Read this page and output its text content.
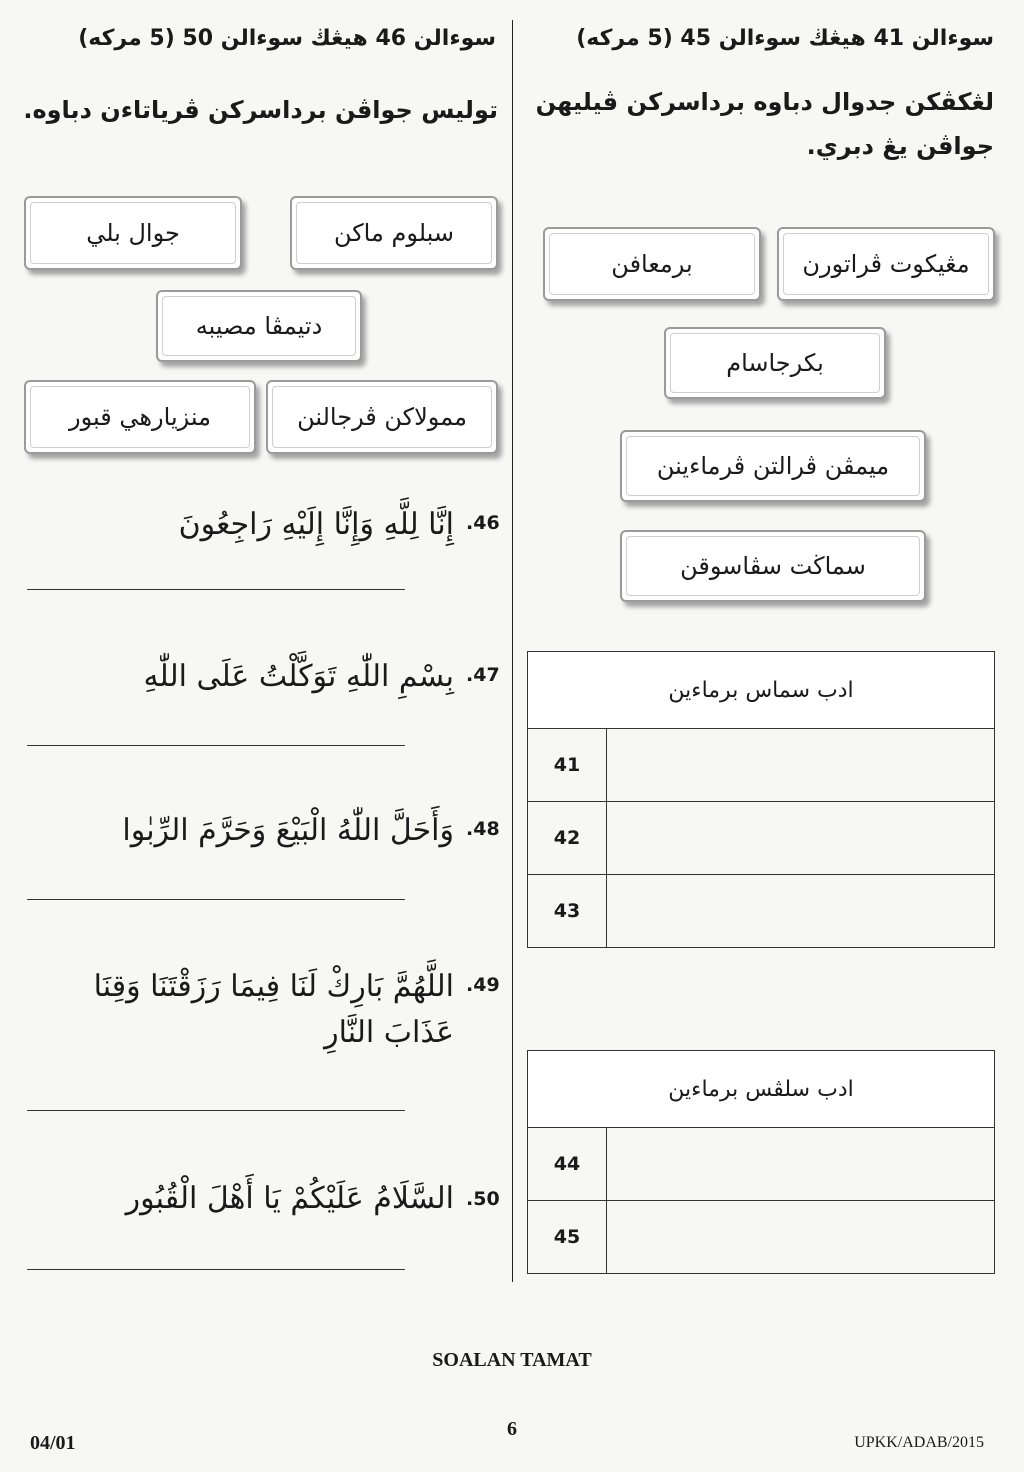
سوءالن 41 هيڠڬ سوءالن 45 (5 مركه)
لڠكڤكن جدوال دباوه برداسركن ڤيليهن جواڤن يڠ دبري.
مڠيكوت ڤراتورن
برمعافن
بكرجاسام
ميمڤن ڤرالتن ڤرماءينن
سماڬت سڤاسوقن
ادب سماس برماءين	
41	
42	
43	
ادب سلڤس برماءين	
44	
45	
سوءالن 46 هيڠڬ سوءالن 50 (5 مركه)
توليس جواڤن برداسركن ڤرياتاءن دباوه.
جوال بلي	سبلوم ماكن
دتيمڤا مصيبه
منزيارهي قبور	ممولاكن ڤرجالنن
إِنَّا لِلَّهِ وَإِنَّا إِلَيْهِ رَاجِعُونَ .46
بِسْمِ اللّٰهِ تَوَكَّلْتُ عَلَى اللّٰهِ .47
وَأَحَلَّ اللّٰهُ الْبَيْعَ وَحَرَّمَ الرِّبٰوا .48
اللَّهُمَّ بَارِكْ لَنَا فِيمَا رَزَقْتَنَا وَقِنَا عَذَابَ النَّارِ
.49
السَّلَامُ عَلَيْكُمْ يَا أَهْلَ الْقُبُور .50
SOALAN TAMAT
04/01
6
UPKK/ADAB/2015
